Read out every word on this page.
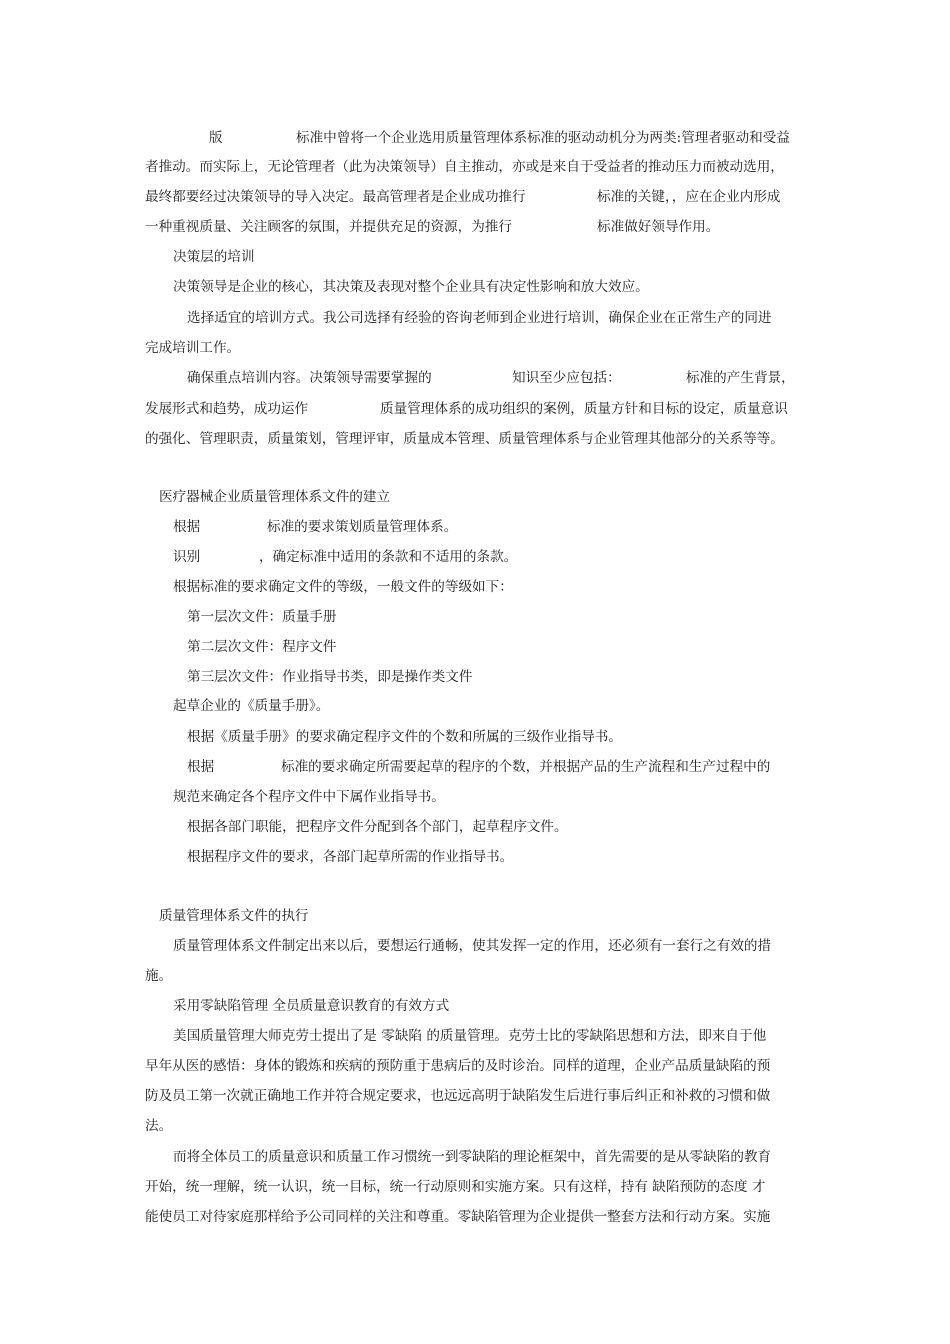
版	标准中曾将一个企业选用质量管理体系标准的驱动动机分为两类:管理者驱动和受益
者推动。而实际上，无论管理者（此为决策领导）自主推动，亦或是来自于受益者的推动压力而被动选用，
最终都要经过决策领导的导入决定。最高管理者是企业成功推行	标准的关键，，应在企业内形成
一种重视质量、关注顾客的氛围，并提供充足的资源，为推行	标准做好领导作用。
决策层的培训
决策领导是企业的核心，其决策及表现对整个企业具有决定性影响和放大效应。
选择适宜的培训方式。我公司选择有经验的咨询老师到企业进行培训，确保企业在正常生产的同进
完成培训工作。
确保重点培训内容。决策领导需要掌握的	知识至少应包括：	标准的产生背景，
发展形式和趋势，成功运作	质量管理体系的成功组织的案例，质量方针和目标的设定，质量意识
的强化、管理职责，质量策划，管理评审，质量成本管理、质量管理体系与企业管理其他部分的关系等等。
医疗器械企业质量管理体系文件的建立
根据	标准的要求策划质量管理体系。
识别	，确定标准中适用的条款和不适用的条款。
根据标准的要求确定文件的等级，一般文件的等级如下：
第一层次文件：质量手册
第二层次文件：程序文件
第三层次文件：作业指导书类，即是操作类文件
起草企业的《质量手册》。
根据《质量手册》的要求确定程序文件的个数和所属的三级作业指导书。
根据	标准的要求确定所需要起草的程序的个数，并根据产品的生产流程和生产过程中的
规范来确定各个程序文件中下属作业指导书。
根据各部门职能，把程序文件分配到各个部门，起草程序文件。
根据程序文件的要求，各部门起草所需的作业指导书。
质量管理体系文件的执行
质量管理体系文件制定出来以后，要想运行通畅，使其发挥一定的作用，还必须有一套行之有效的措
施。
采用零缺陷管理 全员质量意识教育的有效方式
美国质量管理大师克劳士提出了是 零缺陷 的质量管理。克劳士比的零缺陷思想和方法，即来自于他
早年从医的感悟：身体的锻炼和疾病的预防重于患病后的及时诊治。同样的道理，企业产品质量缺陷的预
防及员工第一次就正确地工作并符合规定要求，也远远高明于缺陷发生后进行事后纠正和补救的习惯和做
法。
而将全体员工的质量意识和质量工作习惯统一到零缺陷的理论框架中，首先需要的是从零缺陷的教育
开始，统一理解，统一认识，统一目标，统一行动原则和实施方案。只有这样，持有 缺陷预防的态度 才
能使员工对待家庭那样给予公司同样的关注和尊重。零缺陷管理为企业提供一整套方法和行动方案。实施
